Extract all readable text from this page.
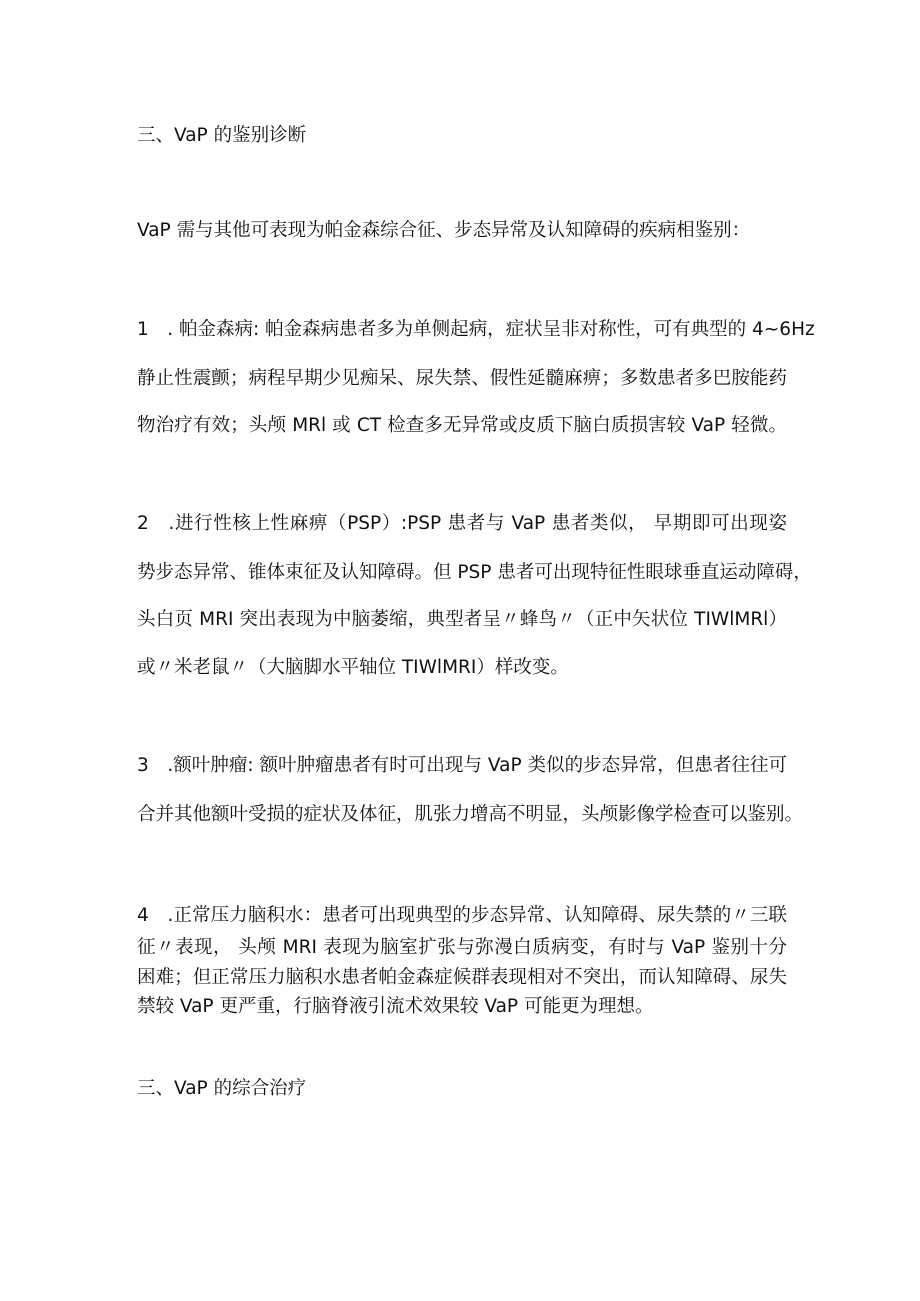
三、VaP 的鉴别诊断
VaP 需与其他可表现为帕金森综合征、步态异常及认知障碍的疾病相鉴别：
1　. 帕金森病: 帕金森病患者多为单侧起病，症状呈非对称性，可有典型的 4~6Hz
静止性震颤；病程早期少见痴呆、尿失禁、假性延髓麻痹；多数患者多巴胺能药
物治疗有效；头颅 MRl 或 CT 检查多无异常或皮质下脑白质损害较 VaP 轻微。
2　.进行性核上性麻痹（PSP）:PSP 患者与 VaP 患者类似， 早期即可出现姿
势步态异常、锥体束征及认知障碍。但 PSP 患者可出现特征性眼球垂直运动障碍，
头白页 MRI 突出表现为中脑萎缩，典型者呈〃蜂鸟〃（正中矢状位 TIWlMRl）
或〃米老鼠〃（大脑脚水平轴位 TIWlMRI）样改变。
3　.额叶肿瘤: 额叶肿瘤患者有时可出现与 VaP 类似的步态异常，但患者往往可
合并其他额叶受损的症状及体征，肌张力增高不明显，头颅影像学检查可以鉴别。
4　.正常压力脑积水：患者可出现典型的步态异常、认知障碍、尿失禁的〃三联
征〃表现， 头颅 MRI 表现为脑室扩张与弥漫白质病变，有时与 VaP 鉴别十分
困难；但正常压力脑积水患者帕金森症候群表现相对不突出，而认知障碍、尿失
禁较 VaP 更严重，行脑脊液引流术效果较 VaP 可能更为理想。
三、VaP 的综合治疗
